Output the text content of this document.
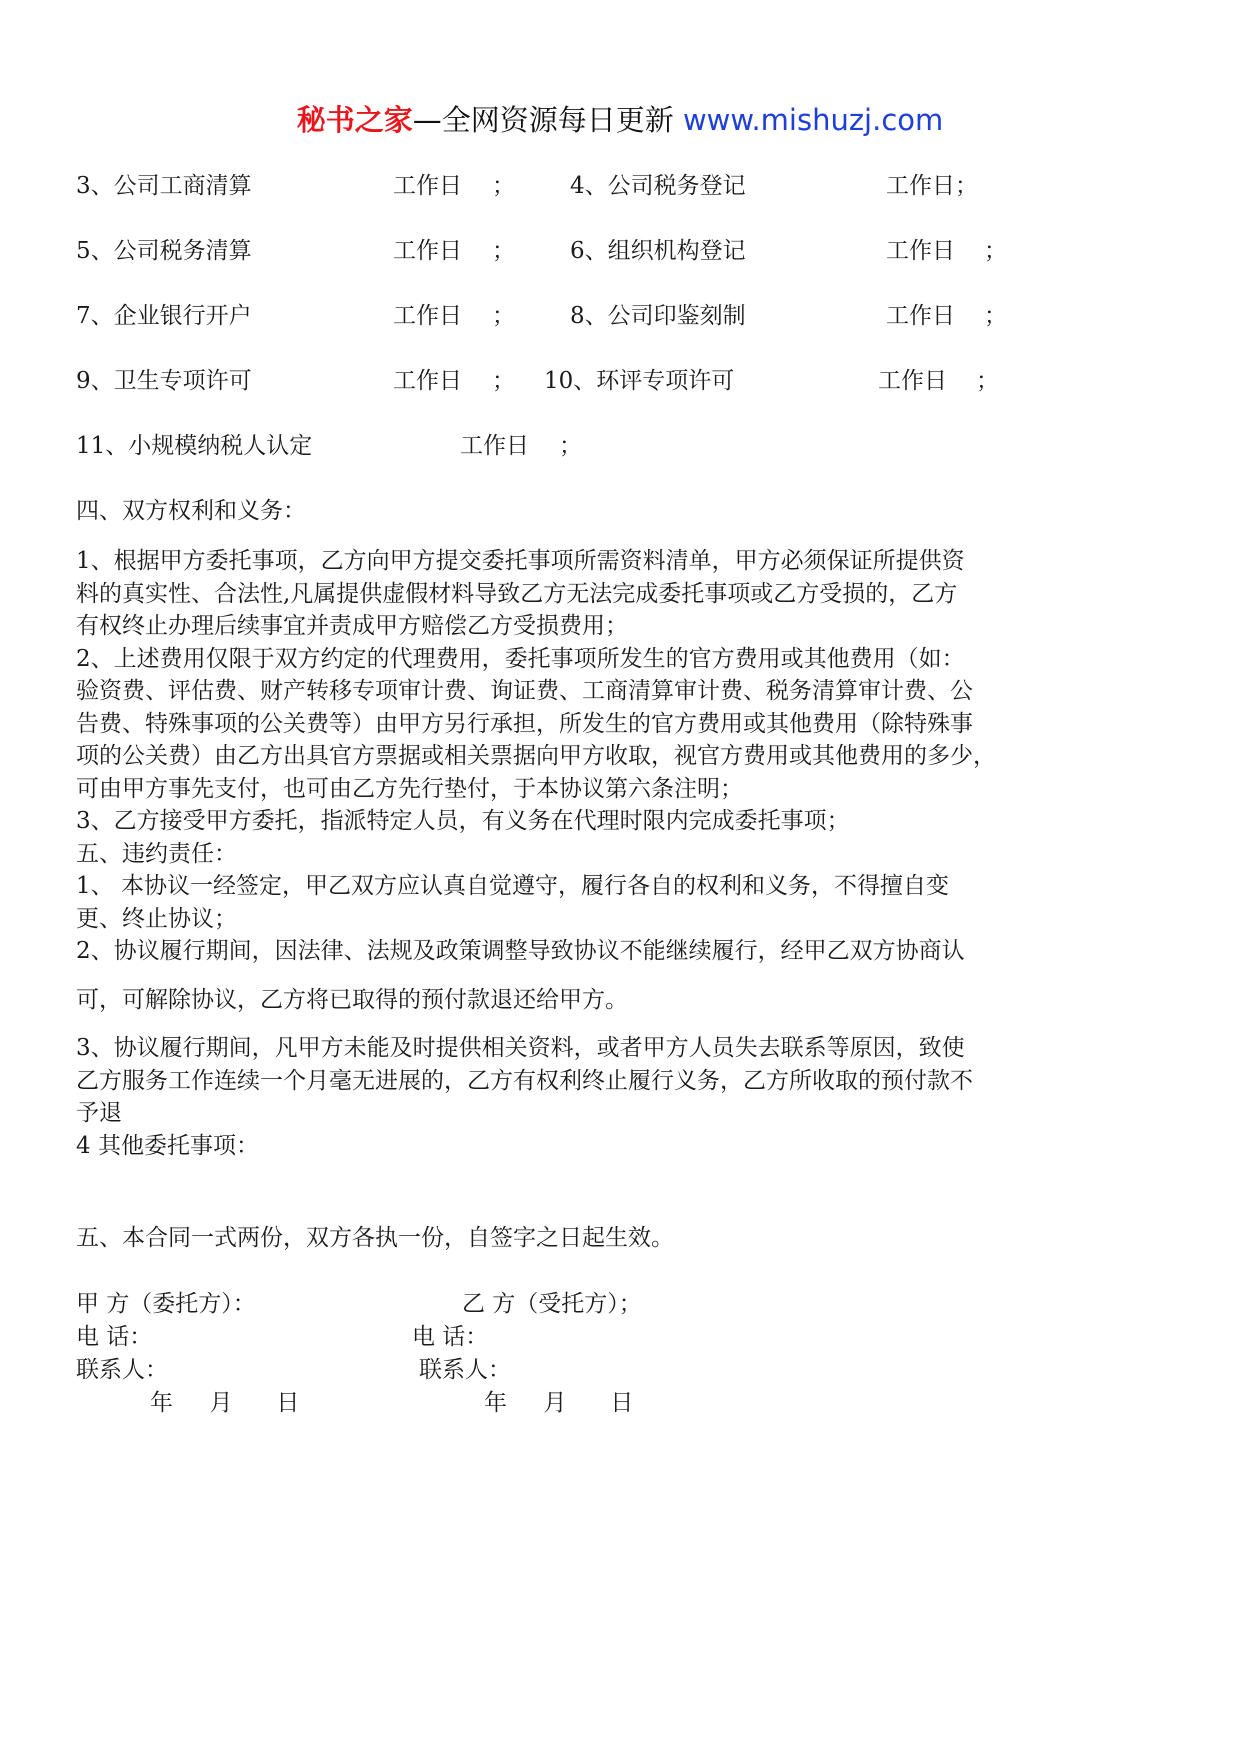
秘书之家—全网资源每日更新 www.mishuzj.com
3、公司工商清算	工作日 ； 4、公司税务登记	工作日；
5、公司税务清算	工作日 ； 6、组织机构登记	工作日 ；
7、企业银行开户	工作日 ； 8、公司印鉴刻制	工作日 ；
9、卫生专项许可	工作日 ； 10、环评专项许可	工作日 ；
11、小规模纳税人认定	工作日 ；
四、双方权利和义务：

1、根据甲方委托事项，乙方向甲方提交委托事项所需资料清单，甲方必须保证所提供资

料的真实性、合法性,凡属提供虚假材料导致乙方无法完成委托事项或乙方受损的，乙方

有权终止办理后续事宜并责成甲方赔偿乙方受损费用；

2、上述费用仅限于双方约定的代理费用，委托事项所发生的官方费用或其他费用（如：

验资费、评估费、财产转移专项审计费、询证费、工商清算审计费、税务清算审计费、公

告费、特殊事项的公关费等）由甲方另行承担，所发生的官方费用或其他费用（除特殊事

项的公关费）由乙方出具官方票据或相关票据向甲方收取，视官方费用或其他费用的多少，

可由甲方事先支付，也可由乙方先行垫付，于本协议第六条注明；

3、乙方接受甲方委托，指派特定人员，有义务在代理时限内完成委托事项；

五、违约责任：

1、 本协议一经签定，甲乙双方应认真自觉遵守，履行各自的权利和义务，不得擅自变

更、终止协议；

2、协议履行期间，因法律、法规及政策调整导致协议不能继续履行，经甲乙双方协商认

可，可解除协议，乙方将已取得的预付款退还给甲方。

3、协议履行期间，凡甲方未能及时提供相关资料，或者甲方人员失去联系等原因，致使

乙方服务工作连续一个月毫无进展的，乙方有权利终止履行义务，乙方所收取的预付款不

予退

4 其他委托事项：

五、本合同一式两份，双方各执一份，自签字之日起生效。
甲 方（委托方）：	乙 方（受托方）；
电 话：	电 话：
联系人：	联系人：
年     月      日	年     月      日
